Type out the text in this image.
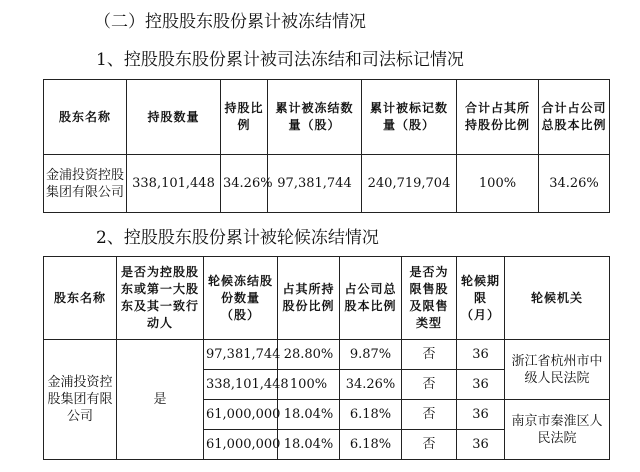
（二）控股股东股份累计被冻结情况
1、控股股东股份累计被司法冻结和司法标记情况
股东名称	持股数量	持股比例	累计被冻结数量（股）	累计被标记数量（股）	合计占其所持股份比例	合计占公司总股本比例
金浦投资控股集团有限公司	338,101,448	34.26%	97,381,744	240,719,704	100%	34.26%
2、控股股东股份累计被轮候冻结情况
股东名称	是否为控股股东或第一大股东及其一致行动人	轮候冻结股份数量（股）	占其所持股份比例	占公司总股本比例	是否为限售股及限售类型	轮候期限（月）	轮候机关
金浦投资控股集团有限公司	是	97,381,744	28.80%	9.87%	否	36	浙江省杭州市中级人民法院
		338,101,448	100%	34.26%	否	36	
		61,000,000	18.04%	6.18%	否	36	南京市秦淮区人民法院
		61,000,000	18.04%	6.18%	否	36	
